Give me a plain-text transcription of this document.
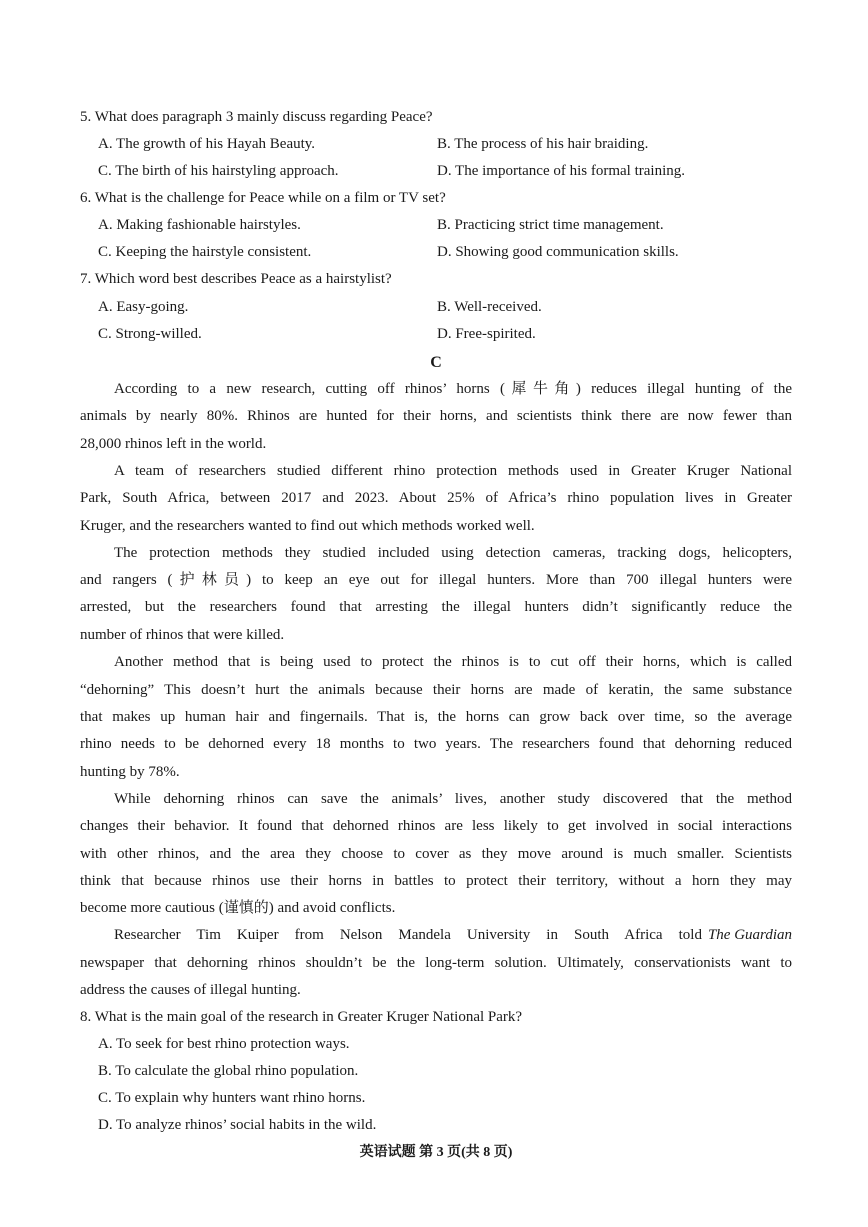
5. What does paragraph 3 mainly discuss regarding Peace?
A. The growth of his Hayah Beauty.	B. The process of his hair braiding.
C. The birth of his hairstyling approach.	D. The importance of his formal training.
6. What is the challenge for Peace while on a film or TV set?
A. Making fashionable hairstyles.	B. Practicing strict time management.
C. Keeping the hairstyle consistent.	D. Showing good communication skills.
7. Which word best describes Peace as a hairstylist?
A. Easy-going.	B. Well-received.
C. Strong-willed.	D. Free-spirited.
C
According to a new research, cutting off rhinos’ horns (犀牛角) reduces illegal hunting of the
animals by nearly 80%. Rhinos are hunted for their horns, and scientists think there are now fewer than
28,000 rhinos left in the world.
A team of researchers studied different rhino protection methods used in Greater Kruger National
Park, South Africa, between 2017 and 2023. About 25% of Africa’s rhino population lives in Greater
Kruger, and the researchers wanted to find out which methods worked well.
The protection methods they studied included using detection cameras, tracking dogs, helicopters,
and rangers (护林员) to keep an eye out for illegal hunters. More than 700 illegal hunters were
arrested, but the researchers found that arresting the illegal hunters didn’t significantly reduce the
number of rhinos that were killed.
Another method that is being used to protect the rhinos is to cut off their horns, which is called
“dehorning” This doesn’t hurt the animals because their horns are made of keratin, the same substance
that makes up human hair and fingernails. That is, the horns can grow back over time, so the average
rhino needs to be dehorned every 18 months to two years. The researchers found that dehorning reduced
hunting by 78%.
While dehorning rhinos can save the animals’ lives, another study discovered that the method
changes their behavior. It found that dehorned rhinos are less likely to get involved in social interactions
with other rhinos, and the area they choose to cover as they move around is much smaller. Scientists
think that because rhinos use their horns in battles to protect their territory, without a horn they may
become more cautious (谨慎的) and avoid conflicts.
Researcher Tim Kuiper from Nelson Mandela University in South Africa told The Guardian
newspaper that dehorning rhinos shouldn’t be the long-term solution. Ultimately, conservationists want to
address the causes of illegal hunting.
8. What is the main goal of the research in Greater Kruger National Park?
A. To seek for best rhino protection ways.
B. To calculate the global rhino population.
C. To explain why hunters want rhino horns.
D. To analyze rhinos’ social habits in the wild.
英语试题 第 3 页(共 8 页)
